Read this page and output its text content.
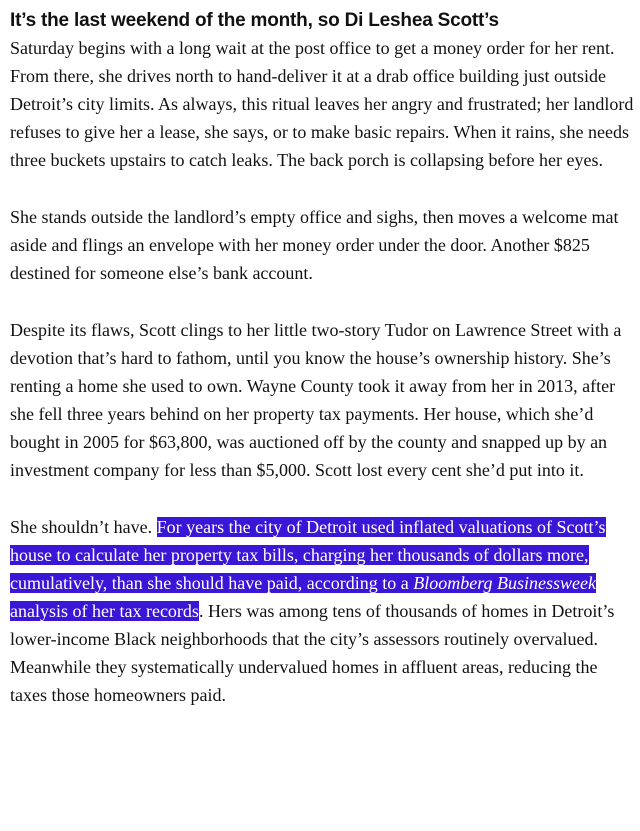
It’s the last weekend of the month, so Di Leshea Scott’s

Saturday begins with a long wait at the post office to get a money order for her rent. From there, she drives north to hand-deliver it at a drab office building just outside Detroit’s city limits. As always, this ritual leaves her angry and frustrated; her landlord refuses to give her a lease, she says, or to make basic repairs. When it rains, she needs three buckets upstairs to catch leaks. The back porch is collapsing before her eyes.

She stands outside the landlord’s empty office and sighs, then moves a welcome mat aside and flings an envelope with her money order under the door. Another $825 destined for someone else’s bank account.

Despite its flaws, Scott clings to her little two-story Tudor on Lawrence Street with a devotion that’s hard to fathom, until you know the house’s ownership history. She’s renting a home she used to own. Wayne County took it away from her in 2013, after she fell three years behind on her property tax payments. Her house, which she’d bought in 2005 for $63,800, was auctioned off by the county and snapped up by an investment company for less than $5,000. Scott lost every cent she’d put into it.

She shouldn’t have. For years the city of Detroit used inflated valuations of Scott’s house to calculate her property tax bills, charging her thousands of dollars more, cumulatively, than she should have paid, according to a Bloomberg Businessweek analysis of her tax records. Hers was among tens of thousands of homes in Detroit’s lower-income Black neighborhoods that the city’s assessors routinely overvalued. Meanwhile they systematically undervalued homes in affluent areas, reducing the taxes those homeowners paid.
